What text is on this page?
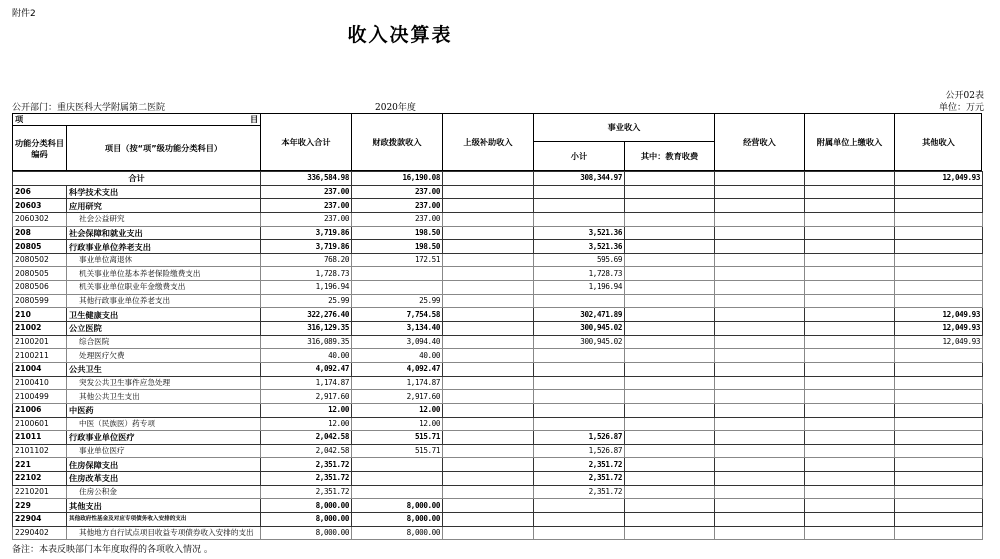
附件2
收入决算表
公开02表
公开部门：重庆医科大学附属第二医院	2020年度	单位：万元
项
功能分类科目编码
项目（按“项”级功能分类科目）
本年收入合计	财政拨款收入	上级补助收入
事业收入
小计	其中：教育收费
经营收入	附属单位上缴收入	其他收入
目
合计		336,584.98	16,190.08		308,344.97				12,049.93
206	科学技术支出	237.00	237.00						
20603	应用研究	237.00	237.00						
2060302	社会公益研究	237.00	237.00						
208	社会保障和就业支出	3,719.86	198.50		3,521.36				
20805	行政事业单位养老支出	3,719.86	198.50		3,521.36				
2080502	事业单位离退休	768.20	172.51		595.69				
2080505	机关事业单位基本养老保险缴费支出	1,728.73			1,728.73				
2080506	机关事业单位职业年金缴费支出	1,196.94			1,196.94				
2080599	其他行政事业单位养老支出	25.99	25.99						
210	卫生健康支出	322,276.40	7,754.58		302,471.89				12,049.93
21002	公立医院	316,129.35	3,134.40		300,945.02				12,049.93
2100201	综合医院	316,089.35	3,094.40		300,945.02				12,049.93
2100211	处理医疗欠费	40.00	40.00						
21004	公共卫生	4,092.47	4,092.47						
2100410	突发公共卫生事件应急处理	1,174.87	1,174.87						
2100499	其他公共卫生支出	2,917.60	2,917.60						
21006	中医药	12.00	12.00						
2100601	中医（民族医）药专项	12.00	12.00						
21011	行政事业单位医疗	2,042.58	515.71		1,526.87				
2101102	事业单位医疗	2,042.58	515.71		1,526.87				
221	住房保障支出	2,351.72			2,351.72				
22102	住房改革支出	2,351.72			2,351.72				
2210201	住房公积金	2,351.72			2,351.72				
229	其他支出	8,000.00	8,000.00						
22904	其他政府性基金及对应专项债务收入安排的支出	8,000.00	8,000.00						
2290402	其他地方自行试点项目收益专项债券收入安排的支出	8,000.00	8,000.00						
备注：本表反映部门本年度取得的各项收入情况 。
